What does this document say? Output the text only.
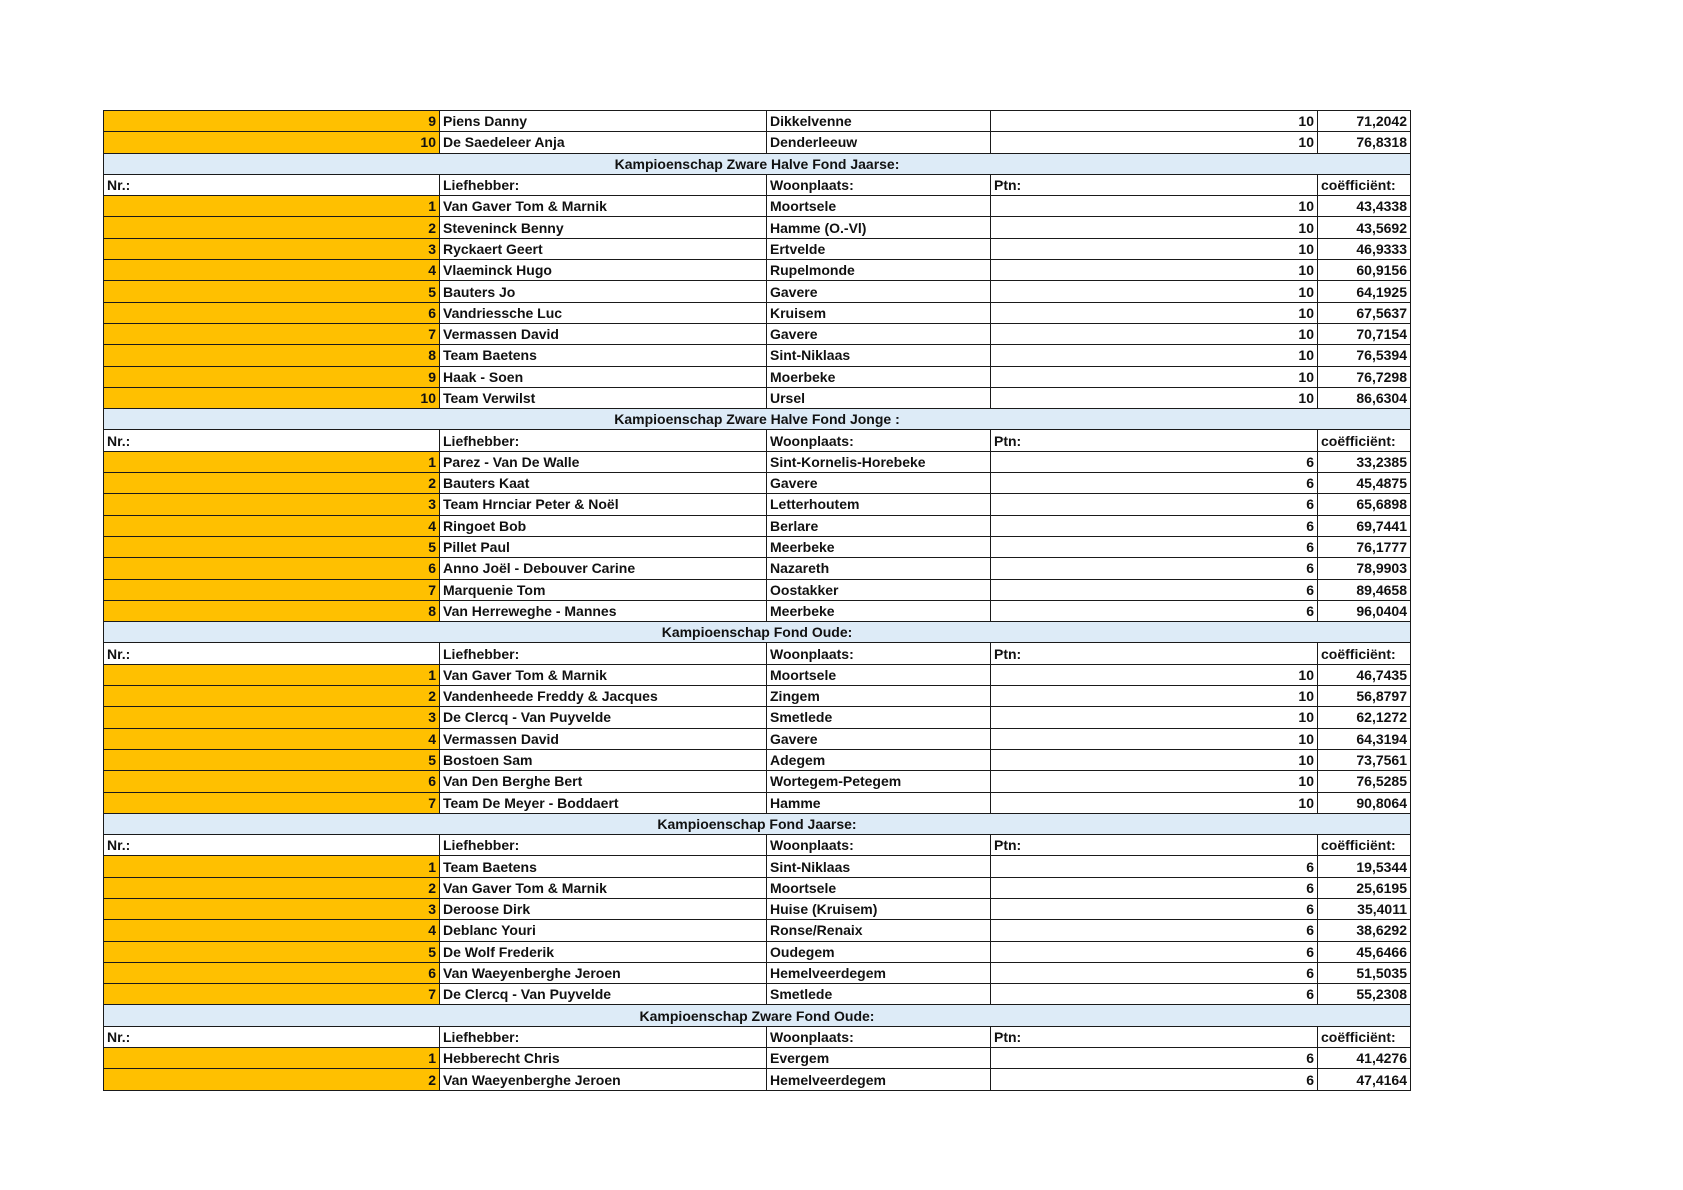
9	Piens Danny	Dikkelvenne	10	71,2042
10	De Saedeleer Anja	Denderleeuw	10	76,8318
Kampioenschap Zware Halve Fond Jaarse:				
Nr.:	Liefhebber:	Woonplaats:	Ptn:	coëfficiënt:
1	Van Gaver Tom & Marnik	Moortsele	10	43,4338
2	Steveninck Benny	Hamme (O.-Vl)	10	43,5692
3	Ryckaert Geert	Ertvelde	10	46,9333
4	Vlaeminck Hugo	Rupelmonde	10	60,9156
5	Bauters Jo	Gavere	10	64,1925
6	Vandriessche Luc	Kruisem	10	67,5637
7	Vermassen David	Gavere	10	70,7154
8	Team Baetens	Sint-Niklaas	10	76,5394
9	Haak - Soen	Moerbeke	10	76,7298
10	Team Verwilst	Ursel	10	86,6304
Kampioenschap Zware Halve Fond Jonge :				
Nr.:	Liefhebber:	Woonplaats:	Ptn:	coëfficiënt:
1	Parez - Van De Walle	Sint-Kornelis-Horebeke	6	33,2385
2	Bauters Kaat	Gavere	6	45,4875
3	Team Hrnciar Peter & Noël	Letterhoutem	6	65,6898
4	Ringoet Bob	Berlare	6	69,7441
5	Pillet Paul	Meerbeke	6	76,1777
6	Anno Joël - Debouver Carine	Nazareth	6	78,9903
7	Marquenie Tom	Oostakker	6	89,4658
8	Van Herreweghe - Mannes	Meerbeke	6	96,0404
Kampioenschap Fond Oude:				
Nr.:	Liefhebber:	Woonplaats:	Ptn:	coëfficiënt:
1	Van Gaver Tom & Marnik	Moortsele	10	46,7435
2	Vandenheede Freddy & Jacques	Zingem	10	56,8797
3	De Clercq - Van Puyvelde	Smetlede	10	62,1272
4	Vermassen David	Gavere	10	64,3194
5	Bostoen Sam	Adegem	10	73,7561
6	Van Den Berghe Bert	Wortegem-Petegem	10	76,5285
7	Team De Meyer - Boddaert	Hamme	10	90,8064
Kampioenschap Fond Jaarse:				
Nr.:	Liefhebber:	Woonplaats:	Ptn:	coëfficiënt:
1	Team Baetens	Sint-Niklaas	6	19,5344
2	Van Gaver Tom & Marnik	Moortsele	6	25,6195
3	Deroose Dirk	Huise (Kruisem)	6	35,4011
4	Deblanc Youri	Ronse/Renaix	6	38,6292
5	De Wolf Frederik	Oudegem	6	45,6466
6	Van Waeyenberghe Jeroen	Hemelveerdegem	6	51,5035
7	De Clercq - Van Puyvelde	Smetlede	6	55,2308
Kampioenschap Zware Fond Oude:				
Nr.:	Liefhebber:	Woonplaats:	Ptn:	coëfficiënt:
1	Hebberecht Chris	Evergem	6	41,4276
2	Van Waeyenberghe Jeroen	Hemelveerdegem	6	47,4164
